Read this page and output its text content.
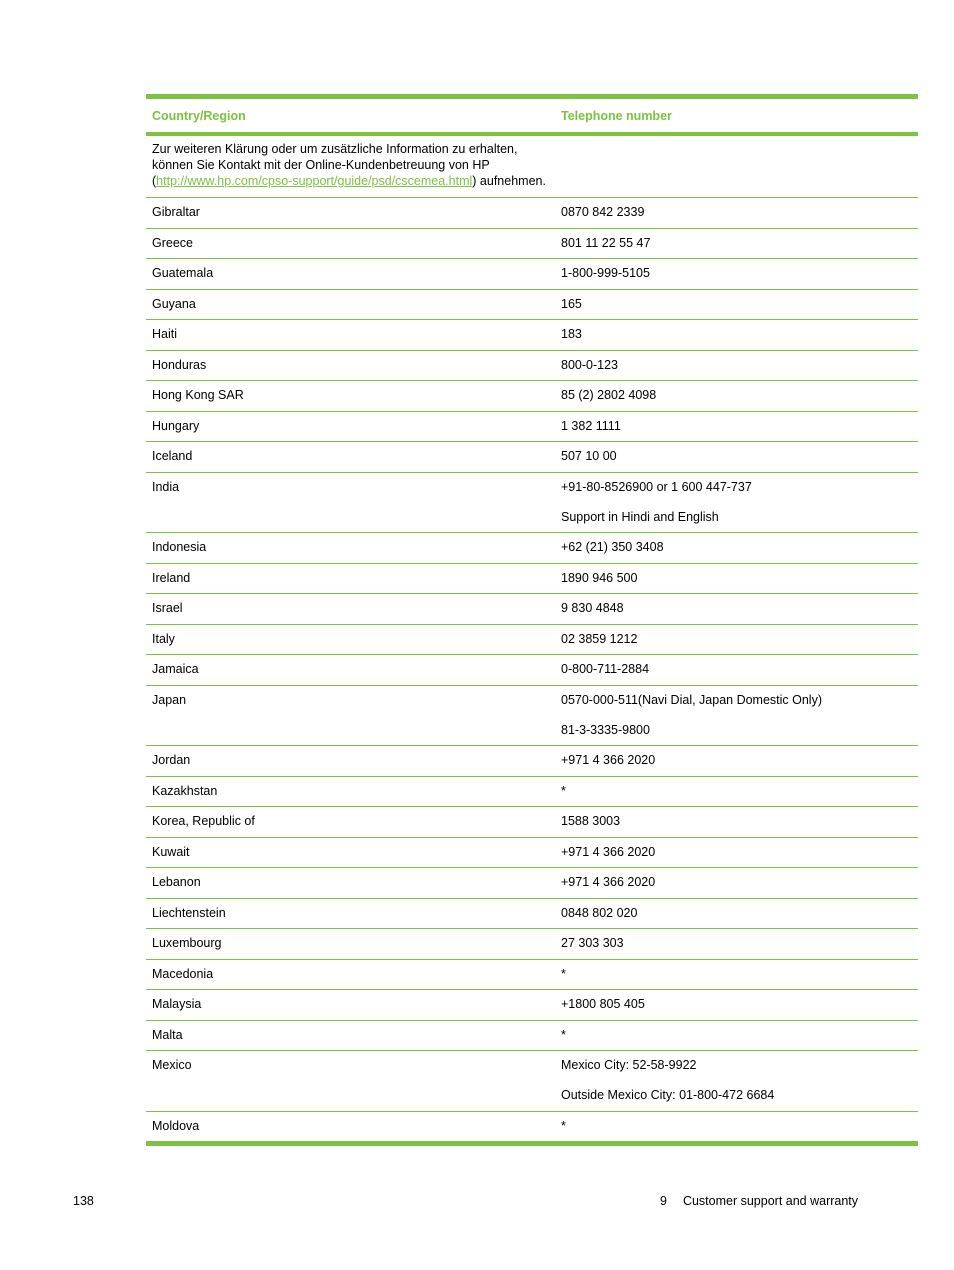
Country/Region	Telephone number
Zur weiteren Klärung oder um zusätzliche Information zu erhalten, können Sie Kontakt mit der Online-Kundenbetreuung von HP (http://www.hp.com/cpso-support/guide/psd/cscemea.html) aufnehmen.
Gibraltar	0870 842 2339
Greece	801 11 22 55 47
Guatemala	1-800-999-5105
Guyana	165
Haiti	183
Honduras	800-0-123
Hong Kong SAR	85 (2) 2802 4098
Hungary	1 382 1111
Iceland	507 10 00
India	+91-80-8526900 or 1 600 447-737
Support in Hindi and English
Indonesia	+62 (21) 350 3408
Ireland	1890 946 500
Israel	9 830 4848
Italy	02 3859 1212
Jamaica	0-800-711-2884
Japan	0570-000-511(Navi Dial, Japan Domestic Only)
81-3-3335-9800
Jordan	+971 4 366 2020
Kazakhstan	*
Korea, Republic of	1588 3003
Kuwait	+971 4 366 2020
Lebanon	+971 4 366 2020
Liechtenstein	0848 802 020
Luxembourg	27 303 303
Macedonia	*
Malaysia	+1800 805 405
Malta	*
Mexico	Mexico City: 52-58-9922
Outside Mexico City: 01-800-472 6684
Moldova	*
138	9 Customer support and warranty
